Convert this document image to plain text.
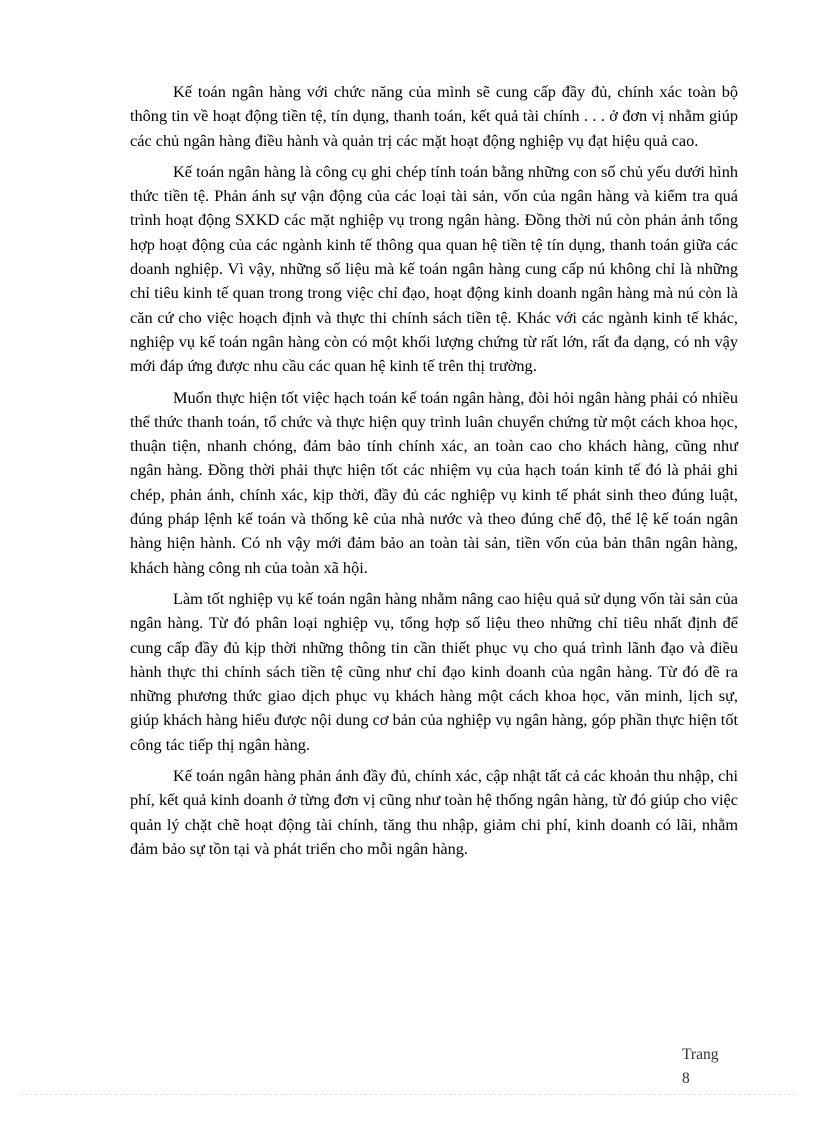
Kế toán ngân hàng với chức năng của mình sẽ cung cấp đầy đủ, chính xác toàn bộ thông tin về hoạt động tiền tệ, tín dụng, thanh toán, kết quả tài chính . . . ở đơn vị nhằm giúp các chủ ngân hàng điều hành và quản trị các mặt hoạt động nghiệp vụ đạt hiệu quả cao.

Kế toán ngân hàng là công cụ ghi chép tính toán bằng những con số chủ yếu dưới hình thức tiền tệ. Phản ánh sự vận động của các loại tài sản, vốn của ngân hàng và kiểm tra quá trình hoạt động SXKD các mặt nghiệp vụ trong ngân hàng. Đồng thời nú còn phản ảnh tổng hợp hoạt động của các ngành kinh tế thông qua quan hệ tiền tệ tín dụng, thanh toán giữa các doanh nghiệp. Vì vậy, những số liệu mà kế toán ngân hàng cung cấp nú không chỉ là những chỉ tiêu kinh tế quan trong trong việc chỉ đạo, hoạt động kinh doanh ngân hàng mà nú còn là căn cứ cho việc hoạch định và thực thi chính sách tiền tệ. Khác với các ngành kinh tế khác, nghiệp vụ kế toán ngân hàng còn có một khối lượng chứng từ rất lớn, rất đa dạng, có nh vậy mới đáp ứng được nhu cầu các quan hệ kinh tế trên thị trường.

Muốn thực hiện tốt việc hạch toán kế toán ngân hàng, đòi hỏi ngân hàng phải có nhiều thể thức thanh toán, tổ chức và thực hiện quy trình luân chuyển chứng từ một cách khoa học, thuận tiện, nhanh chóng, đảm bảo tính chính xác, an toàn cao cho khách hàng, cũng như ngân hàng. Đồng thời phải thực hiện tốt các nhiệm vụ của hạch toán kinh tế đó là phải ghi chép, phản ánh, chính xác, kịp thời, đầy đủ các nghiệp vụ kinh tế phát sinh theo đúng luật, đúng pháp lệnh kế toán và thống kê của nhà nước và theo đúng chế độ, thể lệ kế toán ngân hàng hiện hành. Có nh vậy mới đảm bảo an toàn tài sản, tiền vốn của bản thân ngân hàng, khách hàng công nh của toàn xã hội.

Làm tốt nghiệp vụ kế toán ngân hàng nhằm nâng cao hiệu quả sử dụng vốn tài sản của ngân hàng. Từ đó phân loại nghiệp vụ, tổng hợp số liệu theo những chỉ tiêu nhất định để cung cấp đầy đủ kịp thời những thông tin cần thiết phục vụ cho quá trình lãnh đạo và điều hành thực thi chính sách tiền tệ cũng như chỉ đạo kinh doanh của ngân hàng. Từ đó đề ra những phương thức giao dịch phục vụ khách hàng một cách khoa học, văn minh, lịch sự, giúp khách hàng hiểu được nội dung cơ bản của nghiệp vụ ngân hàng, góp phần thực hiện tốt công tác tiếp thị ngân hàng.

Kế toán ngân hàng phản ánh đầy đủ, chính xác, cập nhật tất cả các khoản thu nhập, chi phí, kết quả kinh doanh ở từng đơn vị cũng như toàn hệ thống ngân hàng, từ đó giúp cho việc quản lý chặt chẽ hoạt động tài chính, tăng thu nhập, giảm chi phí, kinh doanh có lãi, nhằm đảm bảo sự tồn tại và phát triển cho mỗi ngân hàng.

Trang
8
